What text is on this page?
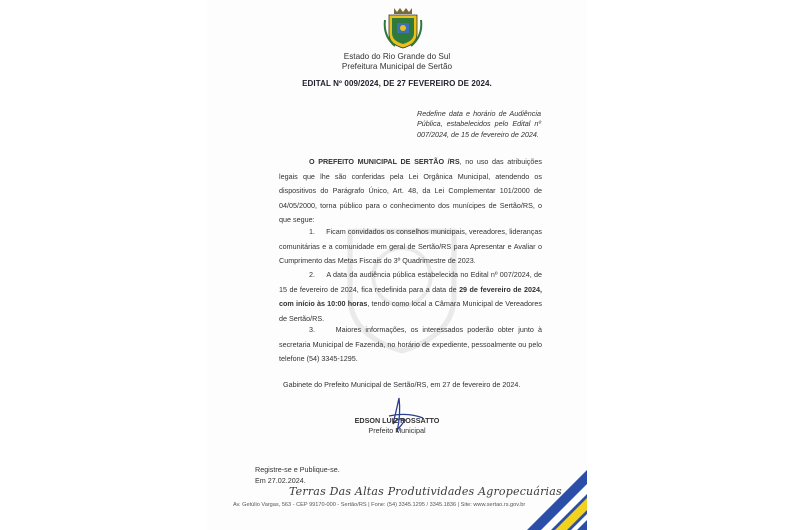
Estado do Rio Grande do Sul
Prefeitura Municipal de Sertão
EDITAL Nº 009/2024, DE 27 FEVEREIRO DE 2024.
Redefine data e horário de Audiência Pública, estabelecidos pelo Edital nº 007/2024, de 15 de fevereiro de 2024.
O PREFEITO MUNICIPAL DE SERTÃO /RS, no uso das atribuições legais que lhe são conferidas pela Lei Orgânica Municipal, atendendo os dispositivos do Parágrafo Único, Art. 48, da Lei Complementar 101/2000 de 04/05/2000, torna público para o conhecimento dos munícipes de Sertão/RS, o que segue:
1. Ficam convidados os conselhos municipais, vereadores, lideranças comunitárias e a comunidade em geral de Sertão/RS para Apresentar e Avaliar o Cumprimento das Metas Fiscais do 3º Quadrimestre de 2023.
2. A data da audiência pública estabelecida no Edital nº 007/2024, de 15 de fevereiro de 2024, fica redefinida para a data de 29 de fevereiro de 2024, com início às 10:00 horas, tendo como local a Câmara Municipal de Vereadores de Sertão/RS.
3.	Maiores informações, os interessados poderão obter junto à secretaria Municipal de Fazenda, no horário de expediente, pessoalmente ou pelo telefone (54) 3345-1295.
Gabinete do Prefeito Municipal de Sertão/RS, em 27 de fevereiro de 2024.
EDSON LUIZ ROSSATTO
Prefeito Municipal
Registre-se e Publique-se.
Em 27.02.2024.
Terras Das Altas Produtividades Agropecuárias
Av. Getúlio Vargas, 563 - CEP 99170-000 - Sertão/RS | Fone: (54) 3345.1295 / 3345.1836 | Site: www.sertao.rs.gov.br
